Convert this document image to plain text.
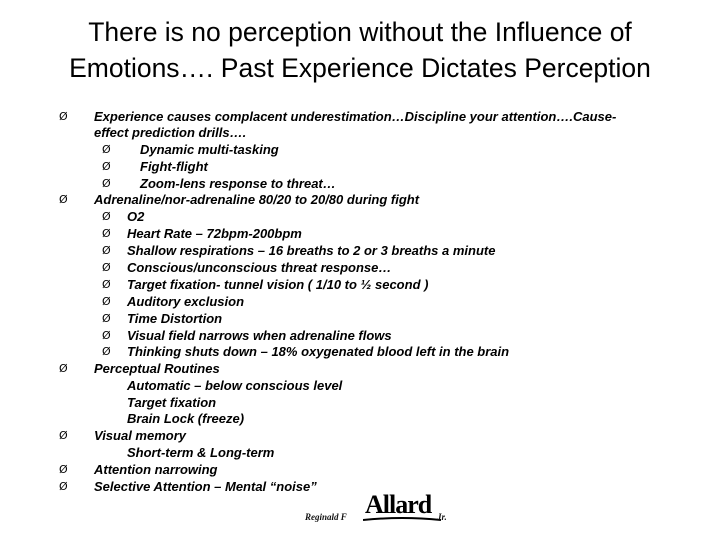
There is no perception without the Influence of
Emotions…. Past Experience Dictates Perception
Ø Experience causes complacent underestimation…Discipline your attention….Cause-
effect prediction drills….
Ø Dynamic multi-tasking
Ø Fight-flight
Ø Zoom-lens response to threat…
Ø Adrenaline/nor-adrenaline 80/20 to 20/80 during fight
Ø O2
Ø Heart Rate – 72bpm-200bpm
Ø Shallow respirations – 16 breaths to 2 or 3 breaths a minute
Ø Conscious/unconscious threat response…
Ø Target fixation- tunnel vision ( 1/10 to ½ second )
Ø Auditory exclusion
Ø Time Distortion
Ø Visual field narrows when adrenaline flows
Ø Thinking shuts down – 18% oxygenated blood left in the brain
Ø Perceptual Routines
Automatic – below conscious level
Target fixation
Brain Lock (freeze)
Ø Visual memory
Short-term & Long-term
Ø Attention narrowing
Ø Selective Attention – Mental “noise”
Reginald F Allard Jr.
